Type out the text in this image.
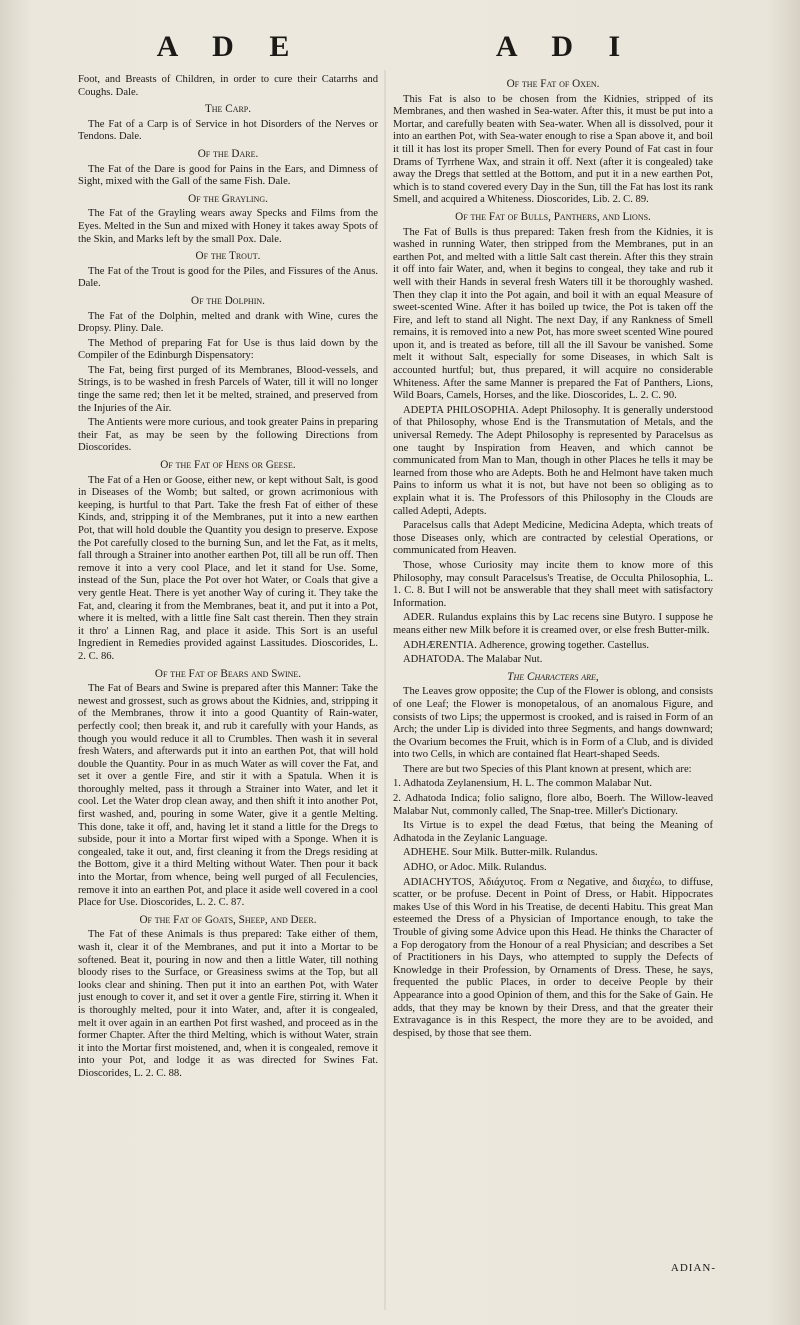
A D E	A D I

Foot, and Breasts of Children, in order to cure their Catarrhs and Coughs. Dale.

The Carp.

The Fat of a Carp is of Service in hot Disorders of the Nerves or Tendons. Dale.

Of the Dare.

The Fat of the Dare is good for Pains in the Ears, and Dimness of Sight, mixed with the Gall of the same Fish. Dale.

Of the Grayling.

The Fat of the Grayling wears away Specks and Films from the Eyes. Melted in the Sun and mixed with Honey it takes away Spots of the Skin, and Marks left by the small Pox. Dale.

Of the Trout.

The Fat of the Trout is good for the Piles, and Fissures of the Anus. Dale.

Of the Dolphin.

The Fat of the Dolphin, melted and drank with Wine, cures the Dropsy. Pliny. Dale.

The Method of preparing Fat for Use is thus laid down by the Compiler of the Edinburgh Dispensatory:

The Fat, being first purged of its Membranes, Blood-vessels, and Strings, is to be washed in fresh Parcels of Water, till it will no longer tinge the same red; then let it be melted, strained, and preserved from the Injuries of the Air.

The Antients were more curious, and took greater Pains in preparing their Fat, as may be seen by the following Directions from Dioscorides.

Of the Fat of Hens or Geese.

The Fat of a Hen or Goose, either new, or kept without Salt, is good in Diseases of the Womb; but salted, or grown acrimonious with keeping, is hurtful to that Part. Take the fresh Fat of either of these Kinds, and, stripping it of the Membranes, put it into a new earthen Pot, that will hold double the Quantity you design to preserve. Expose the Pot carefully closed to the burning Sun, and let the Fat, as it melts, fall through a Strainer into another earthen Pot, till all be run off. Then remove it into a very cool Place, and let it stand for Use. Some, instead of the Sun, place the Pot over hot Water, or Coals that give a very gentle Heat. There is yet another Way of curing it. They take the Fat, and, clearing it from the Membranes, beat it, and put it into a Pot, where it is melted, with a little fine Salt cast therein. Then they strain it thro' a Linnen Rag, and place it aside. This Sort is an useful Ingredient in Remedies provided against Lassitudes. Dioscorides, L. 2. C. 86.

Of the Fat of Bears and Swine.

The Fat of Bears and Swine is prepared after this Manner: Take the newest and grossest, such as grows about the Kidnies, and, stripping it of the Membranes, throw it into a good Quantity of Rain-water, perfectly cool; then break it, and rub it carefully with your Hands, as though you would reduce it all to Crumbles. Then wash it in several fresh Waters, and afterwards put it into an earthen Pot, that will hold double the Quantity. Pour in as much Water as will cover the Fat, and set it over a gentle Fire, and stir it with a Spatula. When it is thoroughly melted, pass it through a Strainer into Water, and let it cool. Let the Water drop clean away, and then shift it into another Pot, first washed, and, pouring in some Water, give it a gentle Melting. This done, take it off, and, having let it stand a little for the Dregs to subside, pour it into a Mortar first wiped with a Sponge. When it is congealed, take it out, and, first cleaning it from the Dregs residing at the Bottom, give it a third Melting without Water. Then pour it back into the Mortar, from whence, being well purged of all Feculencies, remove it into an earthen Pot, and place it aside well covered in a cool Place for Use. Dioscorides, L. 2. C. 87.

Of the Fat of Goats, Sheep, and Deer.

The Fat of these Animals is thus prepared: Take either of them, wash it, clear it of the Membranes, and put it into a Mortar to be softened. Beat it, pouring in now and then a little Water, till nothing bloody rises to the Surface, or Greasiness swims at the Top, but all looks clear and shining. Then put it into an earthen Pot, with Water just enough to cover it, and set it over a gentle Fire, stirring it. When it is thoroughly melted, pour it into Water, and, after it is congealed, melt it over again in an earthen Pot first washed, and proceed as in the former Chapter. After the third Melting, which is without Water, strain it into the Mortar first moistened, and, when it is congealed, remove it into your Pot, and lodge it as was directed for Swines Fat. Dioscorides, L. 2. C. 88.

Of the Fat of Oxen.

This Fat is also to be chosen from the Kidnies, stripped of its Membranes, and then washed in Sea-water. After this, it must be put into a Mortar, and carefully beaten with Sea-water. When all is dissolved, pour it into an earthen Pot, with Sea-water enough to rise a Span above it, and boil it till it has lost its proper Smell. Then for every Pound of Fat cast in four Drams of Tyrrhene Wax, and strain it off. Next (after it is congealed) take away the Dregs that settled at the Bottom, and put it in a new earthen Pot, which is to stand covered every Day in the Sun, till the Fat has lost its rank Smell, and acquired a Whiteness. Dioscorides, Lib. 2. C. 89.

Of the Fat of Bulls, Panthers, and Lions.

The Fat of Bulls is thus prepared: Taken fresh from the Kidnies, it is washed in running Water, then stripped from the Membranes, put in an earthen Pot, and melted with a little Salt cast therein. After this they strain it off into fair Water, and, when it begins to congeal, they take and rub it well with their Hands in several fresh Waters till it be thoroughly washed. Then they clap it into the Pot again, and boil it with an equal Measure of sweet-scented Wine. After it has boiled up twice, the Pot is taken off the Fire, and left to stand all Night. The next Day, if any Rankness of Smell remains, it is removed into a new Pot, has more sweet scented Wine poured upon it, and is treated as before, till all the ill Savour be vanished. Some melt it without Salt, especially for some Diseases, in which Salt is accounted hurtful; but, thus prepared, it will acquire no considerable Whiteness. After the same Manner is prepared the Fat of Panthers, Lions, Wild Boars, Camels, Horses, and the like. Dioscorides, L. 2. C. 90.

ADEPTA PHILOSOPHIA. Adept Philosophy. It is generally understood of that Philosophy, whose End is the Transmutation of Metals, and the universal Remedy. The Adept Philosophy is represented by Paracelsus as one taught by Inspiration from Heaven, and which cannot be communicated from Man to Man, though in other Places he tells it may be learned from those who are Adepts. Both he and Helmont have taken much Pains to inform us what it is not, but have not been so obliging as to explain what it is. The Professors of this Philosophy in the Clouds are called Adepti, Adepts.

Paracelsus calls that Adept Medicine, Medicina Adepta, which treats of those Diseases only, which are contracted by celestial Operations, or communicated from Heaven.

Those, whose Curiosity may incite them to know more of this Philosophy, may consult Paracelsus's Treatise, de Occulta Philosophia, L. 1. C. 8. But I will not be answerable that they shall meet with satisfactory Information.

ADER. Rulandus explains this by Lac recens sine Butyro. I suppose he means either new Milk before it is creamed over, or else fresh Butter-milk.

ADHÆRENTIA. Adherence, growing together. Castellus.

ADHATODA. The Malabar Nut.

The Characters are,

The Leaves grow opposite; the Cup of the Flower is oblong, and consists of one Leaf; the Flower is monopetalous, of an anomalous Figure, and consists of two Lips; the uppermost is crooked, and is raised in Form of an Arch; the under Lip is divided into three Segments, and hangs downward; the Ovarium becomes the Fruit, which is in Form of a Club, and is divided into two Cells, in which are contained flat Heart-shaped Seeds.

There are but two Species of this Plant known at present, which are:

1. Adhatoda Zeylanensium, H. L. The common Malabar Nut.

2. Adhatoda Indica; folio saligno, flore albo, Boerh. The Willow-leaved Malabar Nut, commonly called, The Snap-tree. Miller's Dictionary.

Its Virtue is to expel the dead Fœtus, that being the Meaning of Adhatoda in the Zeylanic Language.

ADHEHE. Sour Milk. Butter-milk. Rulandus.

ADHO, or Adoc. Milk. Rulandus.

ADIACHYTOS, Ἀδιάχυτος. From α Negative, and διαχέω, to diffuse, scatter, or be profuse. Decent in Point of Dress, or Habit. Hippocrates makes Use of this Word in his Treatise, de decenti Habitu. This great Man esteemed the Dress of a Physician of Importance enough, to take the Trouble of giving some Advice upon this Head. He thinks the Character of a Fop derogatory from the Honour of a real Physician; and describes a Set of Practitioners in his Days, who attempted to supply the Defects of Knowledge in their Profession, by Ornaments of Dress. These, he says, frequented the public Places, in order to deceive People by their Appearance into a good Opinion of them, and this for the Sake of Gain. He adds, that they may be known by their Dress, and that the greater their Extravagance is in this Respect, the more they are to be avoided, and despised, by those that see them.

ADIAN-
